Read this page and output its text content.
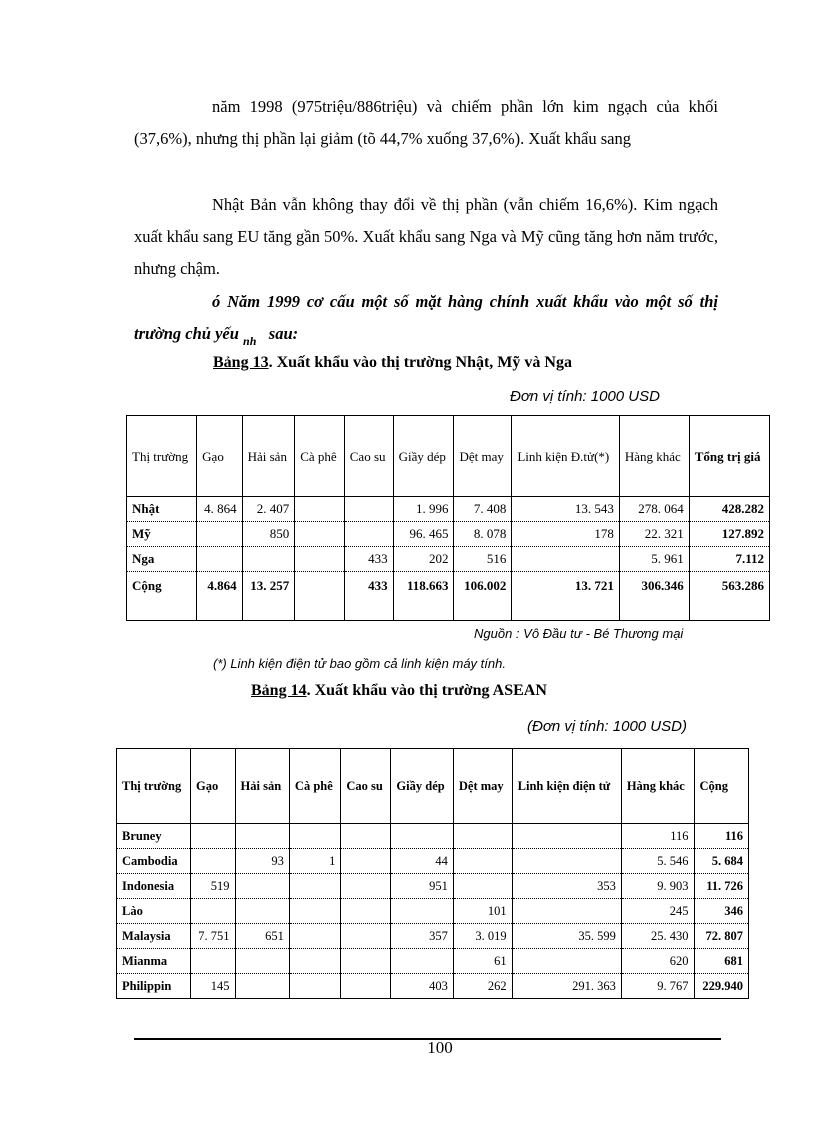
năm 1998 (975triệu/886triệu) và chiếm phần lớn kim ngạch của khối (37,6%), nhưng thị phần lại giảm (tõ 44,7% xuống 37,6%). Xuất khẩu sang

Nhật Bản vẫn không thay đổi về thị phần (vẫn chiếm 16,6%). Kim ngạch xuất khẩu sang EU tăng gần 50%. Xuất khẩu sang Nga và Mỹ cũng tăng hơn năm trước, nhưng chậm.

ó Năm 1999 cơ cấu một số mặt hàng chính xuất khẩu vào một số thị trường chủ yếu $_{nh}$ sau:

Bảng 13. Xuất khẩu vào thị trường Nhật, Mỹ và Nga

Đơn vị tính: 1000 USD

Thị trường	Gạo	Hải sản	Cà phê	Cao su	Giầy dép	Dệt may	Linh kiện Đ.tử(*)	Hàng khác	Tổng trị giá
Nhật	4. 864	2. 407			1. 996	7. 408	13. 543	278. 064	428.282
Mỹ		850			96. 465	8. 078	178	22. 321	127.892
Nga				433	202	516		5. 961	7.112
Cộng	4.864	13. 257		433	118.663	106.002	13. 721	306.346	563.286

Nguồn : Vô Đầu tư - Bé Thương mại

(*) Linh kiện điện tử bao gồm cả linh kiện máy tính.

Bảng 14. Xuất khẩu vào thị trường ASEAN

(Đơn vị tính: 1000 USD)

Thị trường	Gạo	Hải sản	Cà phê	Cao su	Giầy dép	Dệt may	Linh kiện điện tử	Hàng khác	Cộng
Bruney								116	116
Cambodia		93	1		44			5. 546	5. 684
Indonesia	519				951		353	9. 903	11. 726
Lào						101		245	346
Malaysia	7. 751	651			357	3. 019	35. 599	25. 430	72. 807
Mianma						61		620	681
Philippin	145				403	262	291. 363	9. 767	229.940
100
